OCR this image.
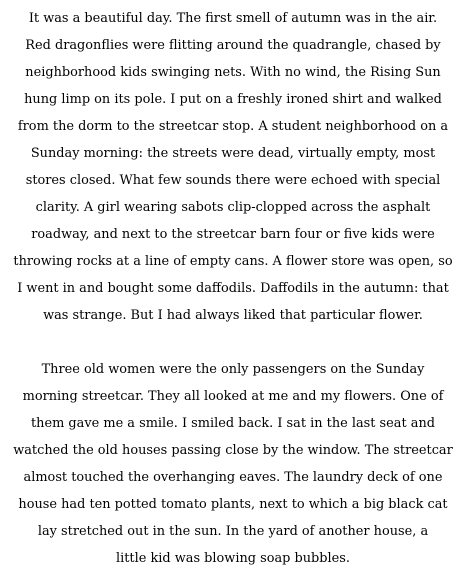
It was a beautiful day. The first smell of autumn was in the air.
Red dragonflies were flitting around the quadrangle, chased by
neighborhood kids swinging nets. With no wind, the Rising Sun
hung limp on its pole. I put on a freshly ironed shirt and walked
from the dorm to the streetcar stop. A student neighborhood on a
Sunday morning: the streets were dead, virtually empty, most
stores closed. What few sounds there were echoed with special
clarity. A girl wearing sabots clip-clopped across the asphalt
roadway, and next to the streetcar barn four or five kids were
throwing rocks at a line of empty cans. A flower store was open, so
I went in and bought some daffodils. Daffodils in the autumn: that
was strange. But I had always liked that particular flower.
Three old women were the only passengers on the Sunday
morning streetcar. They all looked at me and my flowers. One of
them gave me a smile. I smiled back. I sat in the last seat and
watched the old houses passing close by the window. The streetcar
almost touched the overhanging eaves. The laundry deck of one
house had ten potted tomato plants, next to which a big black cat
lay stretched out in the sun. In the yard of another house, a
little kid was blowing soap bubbles.
